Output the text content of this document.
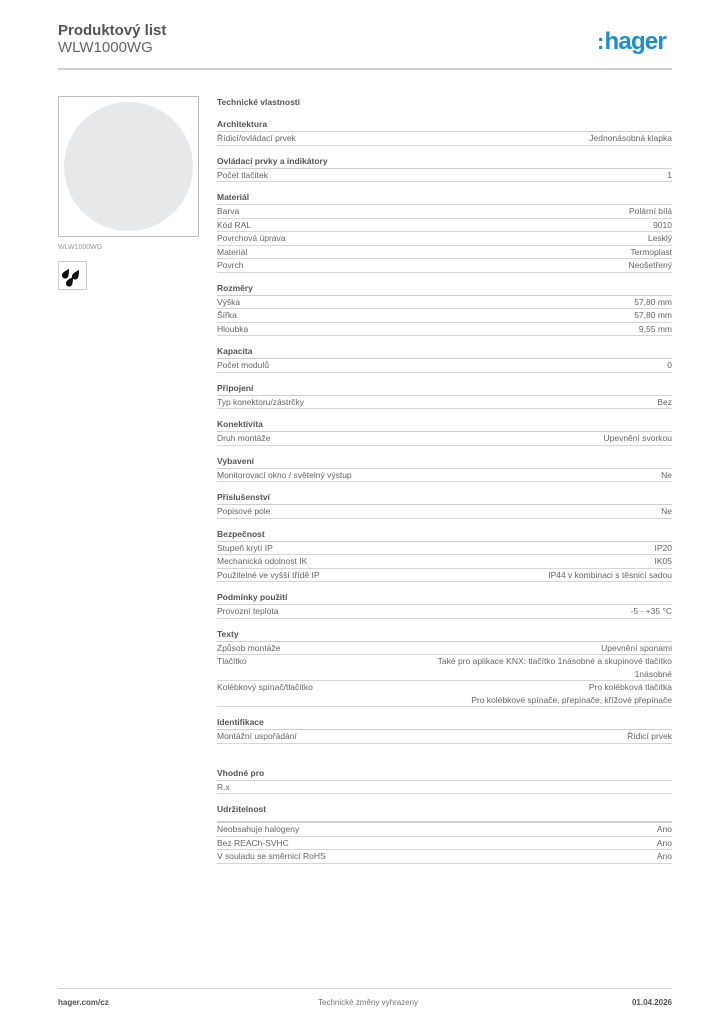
Produktový list
WLW1000WG	:hager
WLW1000WG
Technické vlastnosti
Architektura
Řídicí/ovládací prvek	Jednonásobná klapka
Ovládací prvky a indikátory
Počet tlačítek	1
Materiál
Barva	Polární bílá
Kód RAL	9010
Povrchová úprava	Lesklý
Materiál	Termoplast
Povrch	Neošetřený
Rozměry
Výška	57,80 mm
Šířka	57,80 mm
Hloubka	9,55 mm
Kapacita
Počet modulů	0
Připojení
Typ konektoru/zástrčky	Bez
Konektivita
Druh montáže	Upevnění svorkou
Vybavení
Monitorovací okno / světelný výstup	Ne
Příslušenství
Popisové pole	Ne
Bezpečnost
Stupeň krytí IP	IP20
Mechanická odolnost IK	IK05
Použitelné ve vyšší třídě IP	IP44 v kombinaci s těsnicí sadou
Podmínky použití
Provozní teplota	-5 - +35 °C
Texty
Způsob montáže	Upevnění sponami
Tlačítko	Také pro aplikace KNX: tlačítko 1násobné a skupinové tlačítko
1násobné
Kolébkový spínač/tlačítko	Pro kolébková tlačítka
Pro kolébkové spínače, přepínače, křížové přepínače
Identifikace
Montážní uspořádání	Řídicí prvek
Vhodné pro
R.x
Udržitelnost
Neobsahuje halogeny	Ano
Bez REACh-SVHC	Ano
V souladu se směrnicí RoHS	Ano
hager.com/cz	Technické změny vyhrazeny	01.04.2026
